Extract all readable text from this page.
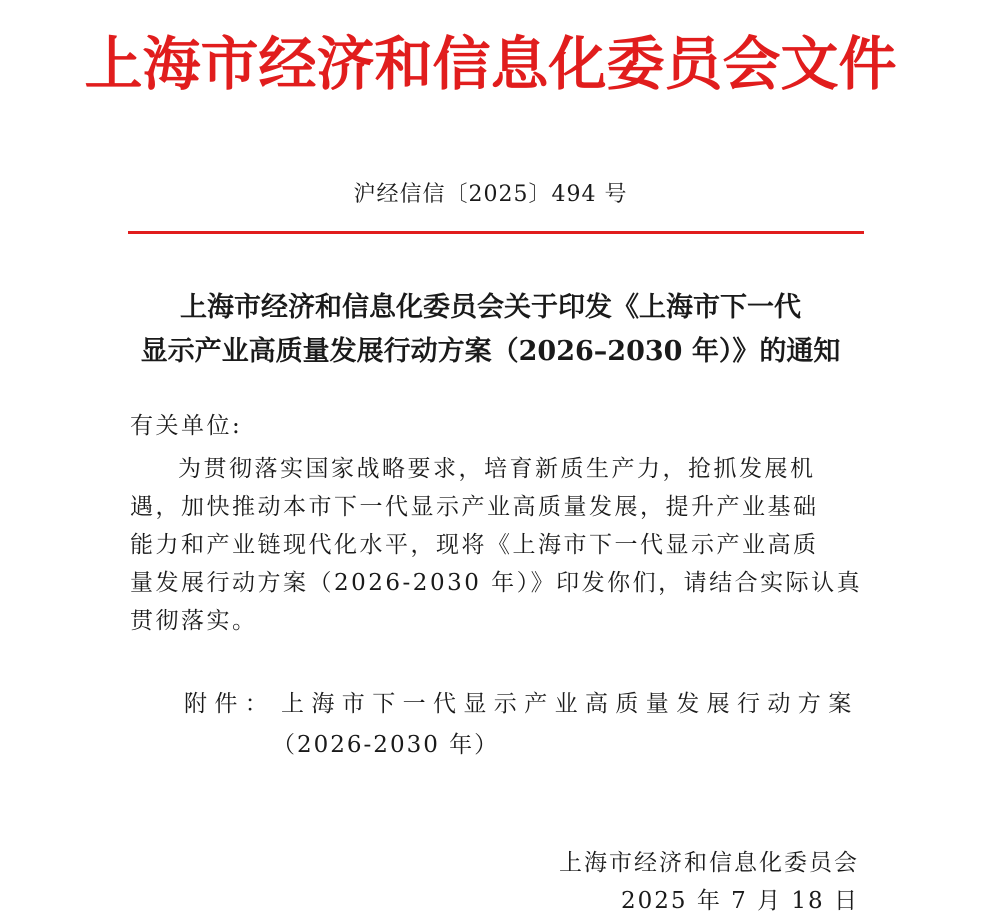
上海市经济和信息化委员会文件
沪经信信〔2025〕494 号
上海市经济和信息化委员会关于印发《上海市下一代
显示产业高质量发展行动方案（2026–2030 年）》的通知
有关单位:
为贯彻落实国家战略要求，培育新质生产力，抢抓发展机
遇，加快推动本市下一代显示产业高质量发展，提升产业基础
能力和产业链现代化水平，现将《上海市下一代显示产业高质
量发展行动方案（2026-2030 年）》印发你们，请结合实际认真
贯彻落实。
附件： 上海市下一代显示产业高质量发展行动方案
（2026-2030 年）
上海市经济和信息化委员会
2025 年 7 月 18 日
